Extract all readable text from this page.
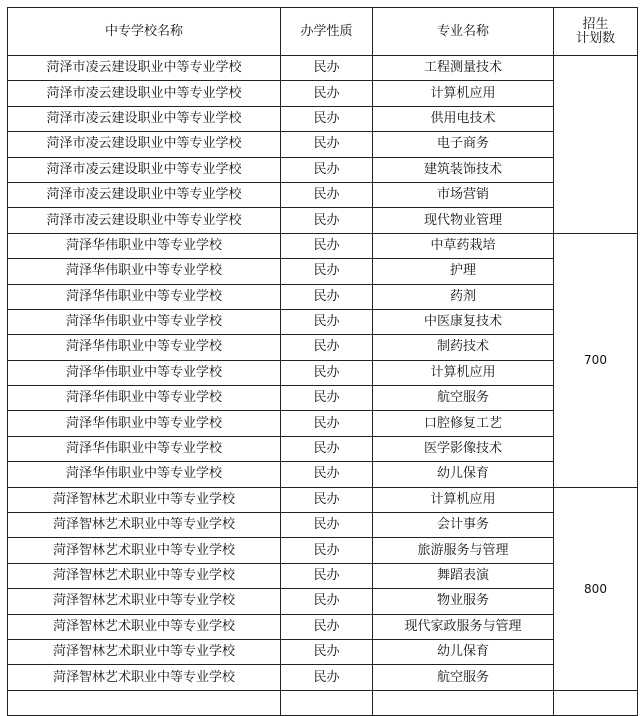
中专学校名称	办学性质	专业名称	招生
计划数
菏泽市凌云建设职业中等专业学校	民办	工程测量技术	
菏泽市凌云建设职业中等专业学校	民办	计算机应用	
菏泽市凌云建设职业中等专业学校	民办	供用电技术	
菏泽市凌云建设职业中等专业学校	民办	电子商务	
菏泽市凌云建设职业中等专业学校	民办	建筑装饰技术	
菏泽市凌云建设职业中等专业学校	民办	市场营销	
菏泽市凌云建设职业中等专业学校	民办	现代物业管理	
菏泽华伟职业中等专业学校	民办	中草药栽培	700
菏泽华伟职业中等专业学校	民办	护理	
菏泽华伟职业中等专业学校	民办	药剂	
菏泽华伟职业中等专业学校	民办	中医康复技术	
菏泽华伟职业中等专业学校	民办	制药技术	
菏泽华伟职业中等专业学校	民办	计算机应用	
菏泽华伟职业中等专业学校	民办	航空服务	
菏泽华伟职业中等专业学校	民办	口腔修复工艺	
菏泽华伟职业中等专业学校	民办	医学影像技术	
菏泽华伟职业中等专业学校	民办	幼儿保育	
菏泽智林艺术职业中等专业学校	民办	计算机应用	800
菏泽智林艺术职业中等专业学校	民办	会计事务	
菏泽智林艺术职业中等专业学校	民办	旅游服务与管理	
菏泽智林艺术职业中等专业学校	民办	舞蹈表演	
菏泽智林艺术职业中等专业学校	民办	物业服务	
菏泽智林艺术职业中等专业学校	民办	现代家政服务与管理	
菏泽智林艺术职业中等专业学校	民办	幼儿保育	
菏泽智林艺术职业中等专业学校	民办	航空服务	
